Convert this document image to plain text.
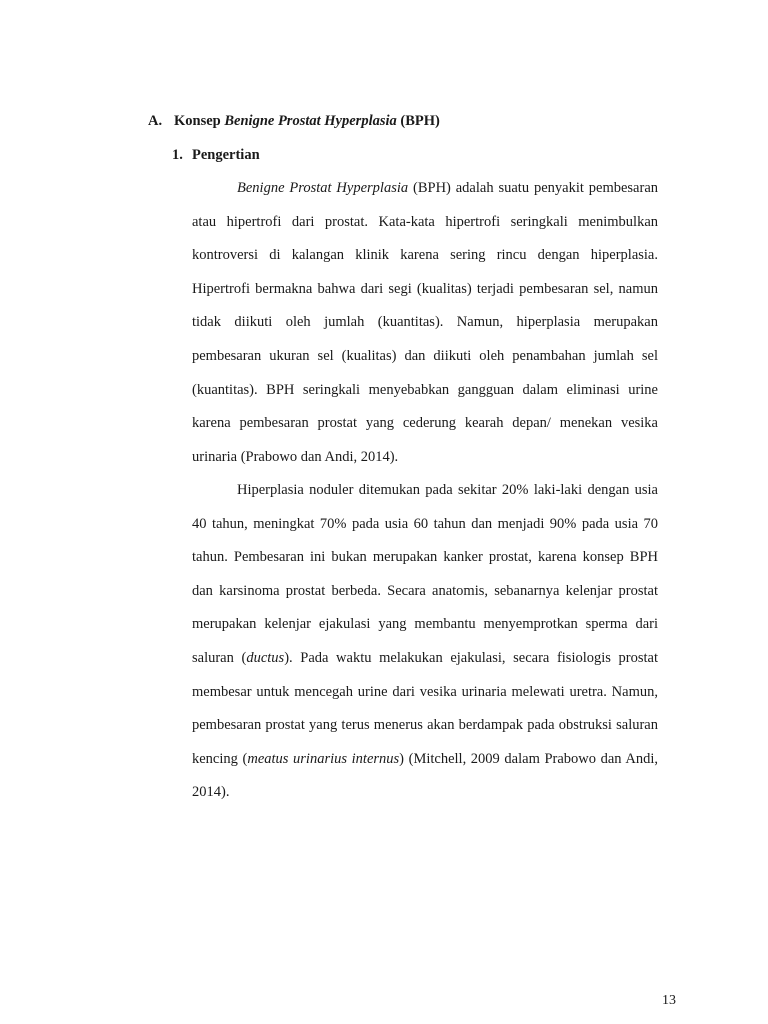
A. Konsep Benigne Prostat Hyperplasia (BPH)
1. Pengertian

Benigne Prostat Hyperplasia (BPH) adalah suatu penyakit pembesaran atau hipertrofi dari prostat. Kata-kata hipertrofi seringkali menimbulkan kontroversi di kalangan klinik karena sering rincu dengan hiperplasia. Hipertrofi bermakna bahwa dari segi (kualitas) terjadi pembesaran sel, namun tidak diikuti oleh jumlah (kuantitas). Namun, hiperplasia merupakan pembesaran ukuran sel (kualitas) dan diikuti oleh penambahan jumlah sel (kuantitas). BPH seringkali menyebabkan gangguan dalam eliminasi urine karena pembesaran prostat yang cederung kearah depan/ menekan vesika urinaria (Prabowo dan Andi, 2014).

Hiperplasia noduler ditemukan pada sekitar 20% laki-laki dengan usia 40 tahun, meningkat 70% pada usia 60 tahun dan menjadi 90% pada usia 70 tahun. Pembesaran ini bukan merupakan kanker prostat, karena konsep BPH dan karsinoma prostat berbeda. Secara anatomis, sebanarnya kelenjar prostat merupakan kelenjar ejakulasi yang membantu menyemprotkan sperma dari saluran (ductus). Pada waktu melakukan ejakulasi, secara fisiologis prostat membesar untuk mencegah urine dari vesika urinaria melewati uretra. Namun, pembesaran prostat yang terus menerus akan berdampak pada obstruksi saluran kencing (meatus urinarius internus) (Mitchell, 2009 dalam Prabowo dan Andi, 2014).

13
